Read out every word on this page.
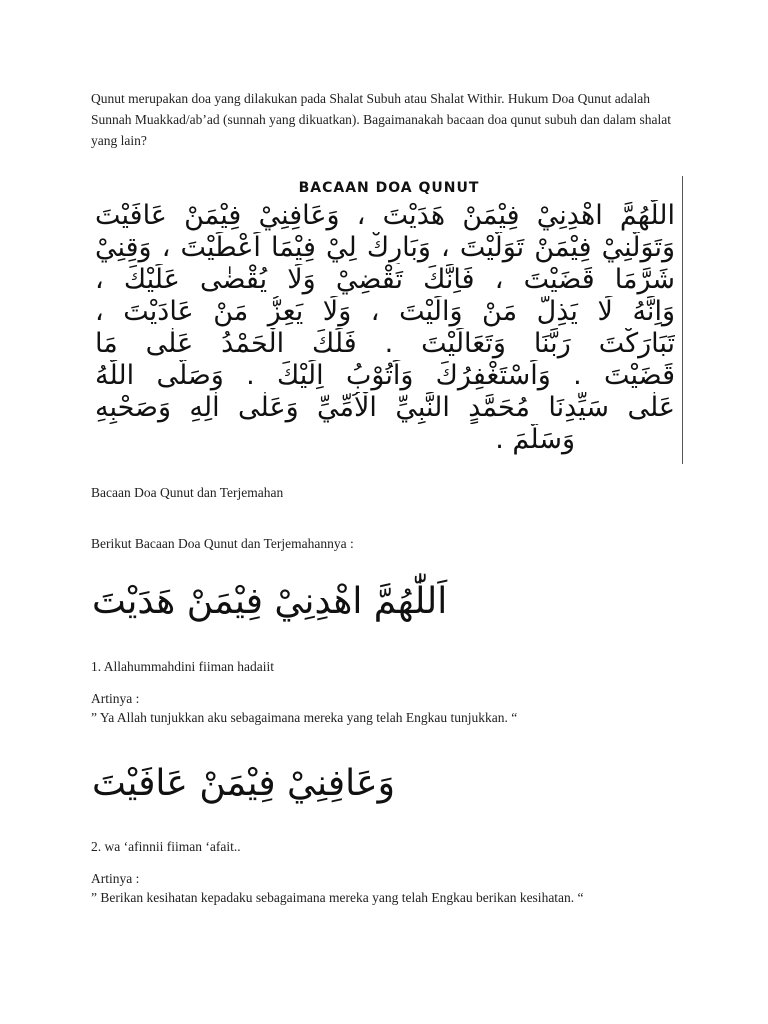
Qunut merupakan doa yang dilakukan pada Shalat Subuh atau Shalat Withir. Hukum Doa Qunut adalah Sunnah Muakkad/ab’ad (sunnah yang dikuatkan). Bagaimanakah bacaan doa qunut subuh dan dalam shalat yang lain?

BACAAN DOA QUNUT
اللّٰهُمَّ اهْدِنِيْ فِيْمَنْ هَدَيْتَ ، وَعَافِنِيْ فِيْمَنْ عَافَيْتَ
وَتَوَلَّنِيْ فِيْمَنْ تَوَلَّيْتَ ، وَبَارِكْ لِيْ فِيْمَا اَعْطَيْتَ ، وَقِنِيْ
شَرَّمَا قَضَيْتَ ، فَاِنَّكَ تَقْضِيْ وَلَا يُقْضٰى عَلَيْكَ ،
وَاِنَّهُ لَا يَذِلُّ مَنْ وَالَيْتَ ، وَلَا يَعِزُّ مَنْ عَادَيْتَ ،
تَبَارَكْتَ رَبَّنَا وَتَعَالَيْتَ . فَلَكَ الْحَمْدُ عَلٰى مَا
قَضَيْتَ . وَاَسْتَغْفِرُكَ وَاَتُوْبُ اِلَيْكَ . وَصَلَّى اللّٰهُ
عَلٰى سَيِّدِنَا مُحَمَّدٍ النَّبِيِّ الْاُمِّيِّ وَعَلٰى اٰلِهِ وَصَحْبِهِ
وَسَلَّمَ .

Bacaan Doa Qunut dan Terjemahan

Berikut Bacaan Doa Qunut dan Terjemahannya :

اَللّٰهُمَّ اهْدِنِيْ فِيْمَنْ هَدَيْتَ

1. Allahummahdini fiiman hadaiit

Artinya :

” Ya Allah tunjukkan aku sebagaimana mereka yang telah Engkau tunjukkan. “

وَعَافِنِيْ فِيْمَنْ عَافَيْتَ

2. wa ‘afinnii fiiman ‘afait..

Artinya :

” Berikan kesihatan kepadaku sebagaimana mereka yang telah Engkau berikan kesihatan. “
